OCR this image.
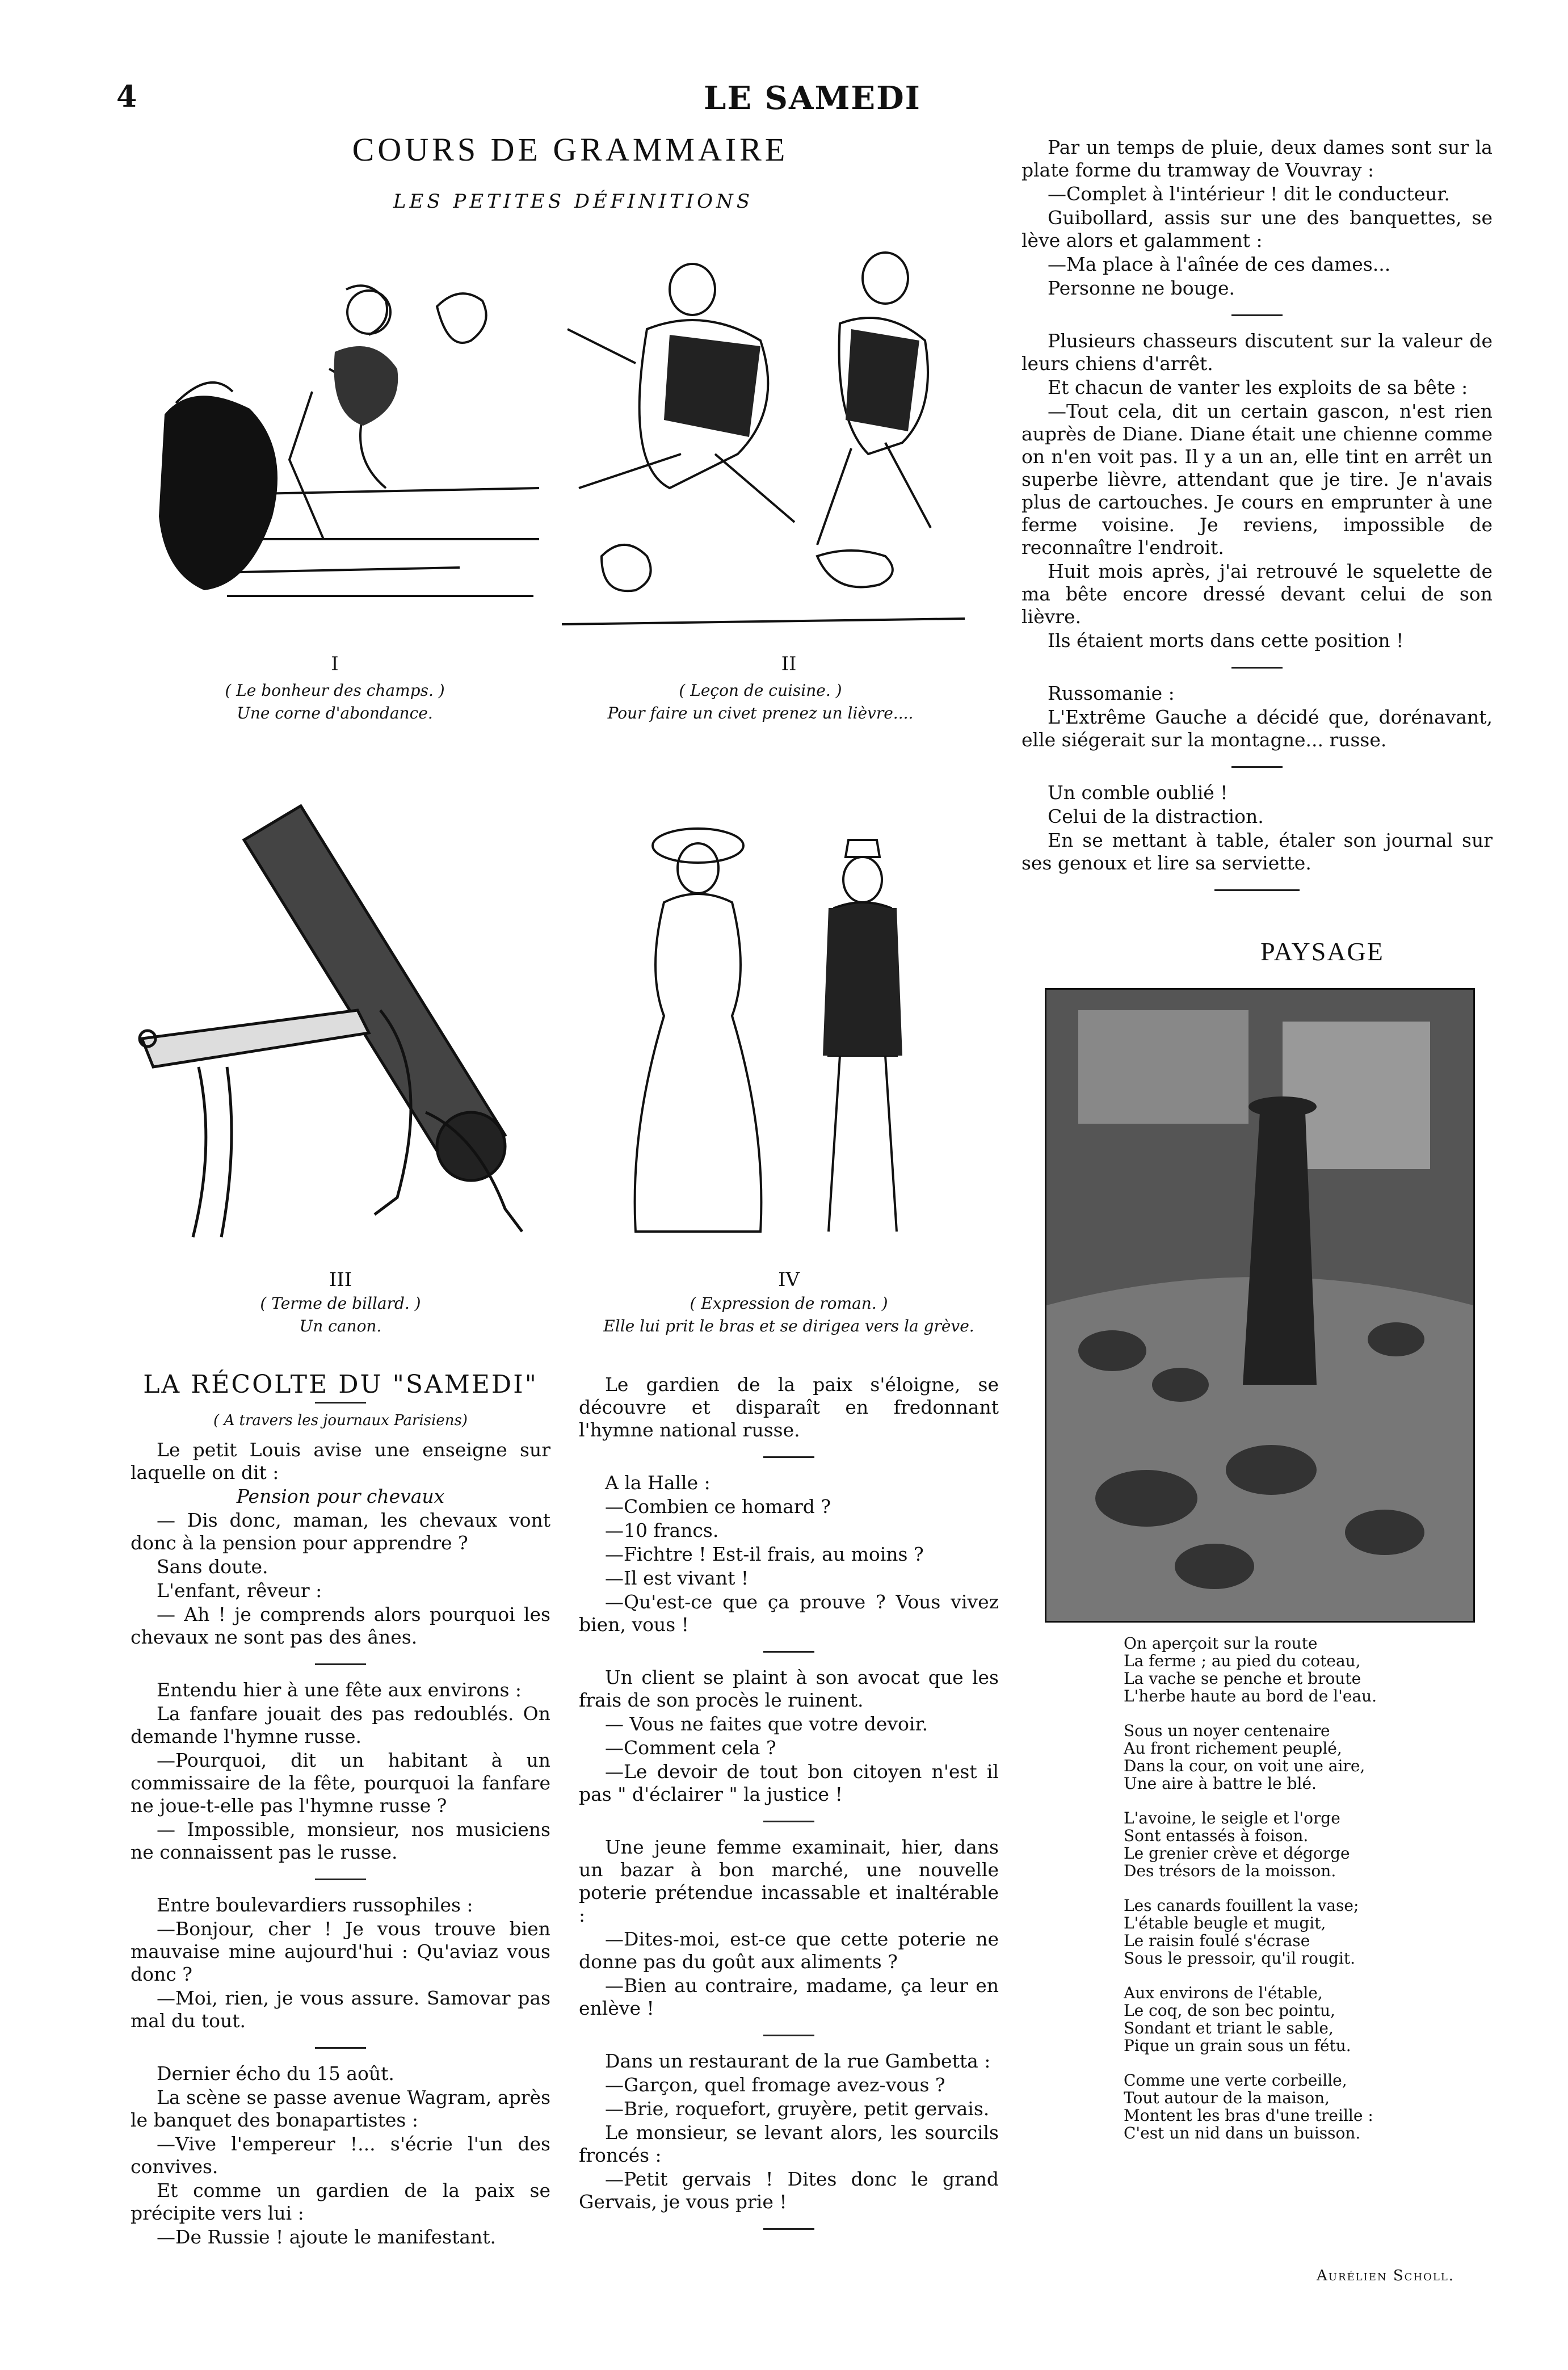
4	LE SAMEDI
COURS DE GRAMMAIRE
LES PETITES DÉFINITIONS
I
( Le bonheur des champs. )
Une corne d'abondance.
II
( Leçon de cuisine. )
Pour faire un civet prenez un lièvre....
III
( Terme de billard. )
Un canon.
IV
( Expression de roman. )
Elle lui prit le bras et se dirigea vers la grève.

Par un temps de pluie, deux dames sont sur la plate forme du tramway de Vouvray :

—Complet à l'intérieur ! dit le conducteur.

Guibollard, assis sur une des banquettes, se lève alors et galamment :

—Ma place à l'aînée de ces dames...

Personne ne bouge.

Plusieurs chasseurs discutent sur la valeur de leurs chiens d'arrêt.

Et chacun de vanter les exploits de sa bête :

—Tout cela, dit un certain gascon, n'est rien auprès de Diane. Diane était une chienne comme on n'en voit pas. Il y a un an, elle tint en arrêt un superbe lièvre, attendant que je tire. Je n'avais plus de cartouches. Je cours en emprunter à une ferme voisine. Je reviens, impossible de reconnaître l'endroit.

Huit mois après, j'ai retrouvé le squelette de ma bête encore dressé devant celui de son lièvre.

Ils étaient morts dans cette position !

Russomanie :

L'Extrême Gauche a décidé que, dorénavant, elle siégerait sur la montagne... russe.

Un comble oublié !

Celui de la distraction.

En se mettant à table, étaler son journal sur ses genoux et lire sa serviette.

PAYSAGE
On aperçoit sur la route
La ferme ; au pied du coteau,
La vache se penche et broute
L'herbe haute au bord de l'eau.
Sous un noyer centenaire
Au front richement peuplé,
Dans la cour, on voit une aire,
Une aire à battre le blé.
L'avoine, le seigle et l'orge
Sont entassés à foison.
Le grenier crève et dégorge
Des trésors de la moisson.
Les canards fouillent la vase;
L'étable beugle et mugit,
Le raisin foulé s'écrase
Sous le pressoir, qu'il rougit.
Aux environs de l'étable,
Le coq, de son bec pointu,
Sondant et triant le sable,
Pique un grain sous un fétu.
Comme une verte corbeille,
Tout autour de la maison,
Montent les bras d'une treille :
C'est un nid dans un buisson.
Aurélien Scholl.
LA RÉCOLTE DU "SAMEDI"
( A travers les journaux Parisiens)

Le petit Louis avise une enseigne sur laquelle on dit :

Pension pour chevaux

— Dis donc, maman, les chevaux vont donc à la pension pour apprendre ?

Sans doute.

L'enfant, rêveur :

— Ah ! je comprends alors pourquoi les chevaux ne sont pas des ânes.

Entendu hier à une fête aux environs :

La fanfare jouait des pas redoublés. On demande l'hymne russe.

—Pourquoi, dit un habitant à un commissaire de la fête, pourquoi la fanfare ne joue-t-elle pas l'hymne russe ?

— Impossible, monsieur, nos musiciens ne connaissent pas le russe.

Entre boulevardiers russophiles :

—Bonjour, cher ! Je vous trouve bien mauvaise mine aujourd'hui : Qu'aviaz vous donc ?

—Moi, rien, je vous assure. Samovar pas mal du tout.

Dernier écho du 15 août.

La scène se passe avenue Wagram, après le banquet des bonapartistes :

—Vive l'empereur !... s'écrie l'un des convives.

Et comme un gardien de la paix se précipite vers lui :

—De Russie ! ajoute le manifestant.

Le gardien de la paix s'éloigne, se découvre et disparaît en fredonnant l'hymne national russe.

A la Halle :

—Combien ce homard ?

—10 francs.

—Fichtre ! Est-il frais, au moins ?

—Il est vivant !

—Qu'est-ce que ça prouve ? Vous vivez bien, vous !

Un client se plaint à son avocat que les frais de son procès le ruinent.

— Vous ne faites que votre devoir.

—Comment cela ?

—Le devoir de tout bon citoyen n'est il pas " d'éclairer " la justice !

Une jeune femme examinait, hier, dans un bazar à bon marché, une nouvelle poterie prétendue incassable et inaltérable :

—Dites-moi, est-ce que cette poterie ne donne pas du goût aux aliments ?

—Bien au contraire, madame, ça leur en enlève !

Dans un restaurant de la rue Gambetta :

—Garçon, quel fromage avez-vous ?

—Brie, roquefort, gruyère, petit gervais.

Le monsieur, se levant alors, les sourcils froncés :

—Petit gervais ! Dites donc le grand Gervais, je vous prie !
